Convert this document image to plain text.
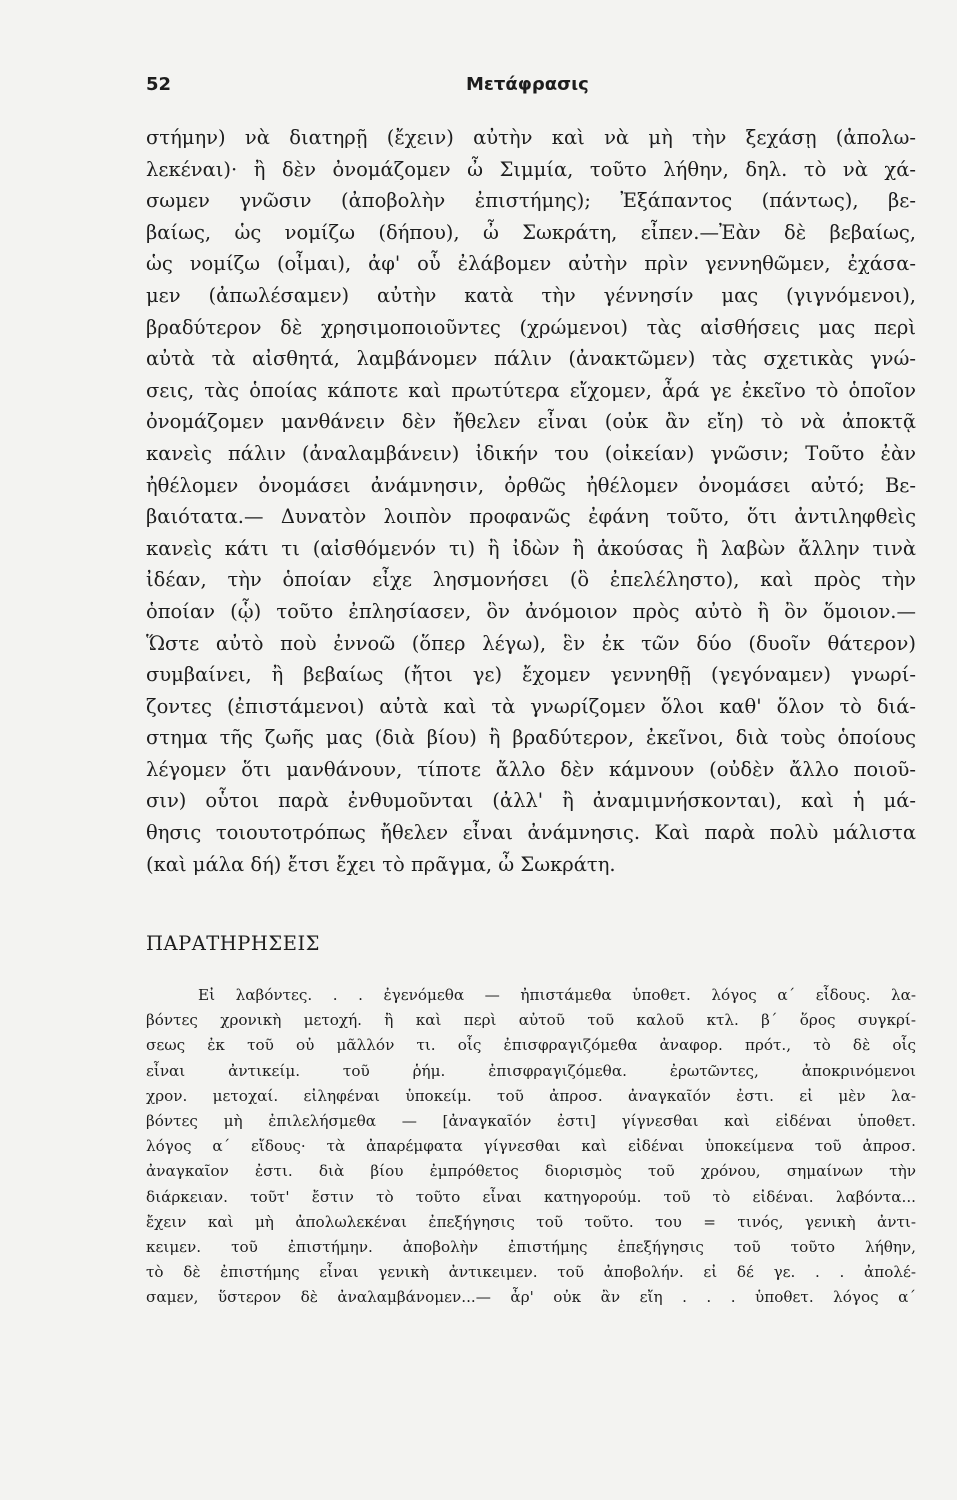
52	Μετάφρασις
στήμην) νὰ διατηρῇ (ἔχειν) αὐτὴν καὶ νὰ μὴ τὴν ξεχάσῃ (ἀπολω-
λεκέναι)· ἢ δὲν ὀνομάζομεν ὦ Σιμμία, τοῦτο λήθην, δηλ. τὸ νὰ χά-
σωμεν γνῶσιν (ἀποβολὴν ἐπιστήμης); Ἐξάπαντος (πάντως), βε-
βαίως, ὡς νομίζω (δήπου), ὦ Σωκράτη, εἶπεν.—Ἐὰν δὲ βεβαίως,
ὡς νομίζω (οἶμαι), ἀφ' οὗ ἐλάβομεν αὐτὴν πρὶν γεννηθῶμεν, ἐχάσα-
μεν (ἀπωλέσαμεν) αὐτὴν κατὰ τὴν γέννησίν μας (γιγνόμενοι),
βραδύτερον δὲ χρησιμοποιοῦντες (χρώμενοι) τὰς αἰσθήσεις μας περὶ
αὐτὰ τὰ αἰσθητά, λαμβάνομεν πάλιν (ἀνακτῶμεν) τὰς σχετικὰς γνώ-
σεις, τὰς ὁποίας κάποτε καὶ πρωτύτερα εἴχομεν, ἆρά γε ἐκεῖνο τὸ ὁποῖον
ὀνομάζομεν μανθάνειν δὲν ἤθελεν εἶναι (οὐκ ἂν εἴη) τὸ νὰ ἀποκτᾷ
κανεὶς πάλιν (ἀναλαμβάνειν) ἰδικήν του (οἰκείαν) γνῶσιν; Τοῦτο ἐὰν
ἠθέλομεν ὀνομάσει ἀνάμνησιν, ὀρθῶς ἠθέλομεν ὀνομάσει αὐτό; Βε-
βαιότατα.— Δυνατὸν λοιπὸν προφανῶς ἐφάνη τοῦτο, ὅτι ἀντιληφθεὶς
κανεὶς κάτι τι (αἰσθόμενόν τι) ἢ ἰδὼν ἢ ἀκούσας ἢ λαβὼν ἄλλην τινὰ
ἰδέαν, τὴν ὁποίαν εἶχε λησμονήσει (ὃ ἐπελέληστο), καὶ πρὸς τὴν
ὁποίαν (ᾧ) τοῦτο ἐπλησίασεν, ὃν ἀνόμοιον πρὸς αὐτὸ ἢ ὂν ὅμοιον.—
Ὥστε αὐτὸ ποὺ ἐννοῶ (ὅπερ λέγω), ἓν ἐκ τῶν δύο (δυοῖν θάτερον)
συμβαίνει, ἢ βεβαίως (ἤτοι γε) ἔχομεν γεννηθῇ (γεγόναμεν) γνωρί-
ζοντες (ἐπιστάμενοι) αὐτὰ καὶ τὰ γνωρίζομεν ὅλοι καθ' ὅλον τὸ διά-
στημα τῆς ζωῆς μας (διὰ βίου) ἢ βραδύτερον, ἐκεῖνοι, διὰ τοὺς ὁποίους
λέγομεν ὅτι μανθάνουν, τίποτε ἄλλο δὲν κάμνουν (οὐδὲν ἄλλο ποιοῦ-
σιν) οὗτοι παρὰ ἐνθυμοῦνται (ἀλλ' ἢ ἀναμιμνήσκονται), καὶ ἡ μά-
θησις τοιουτοτρόπως ἤθελεν εἶναι ἀνάμνησις. Καὶ παρὰ πολὺ μάλιστα
(καὶ μάλα δή) ἔτσι ἔχει τὸ πρᾶγμα, ὦ Σωκράτη.
ΠΑΡΑΤΗΡΗΣΕΙΣ
Εἰ λαβόντες. . . ἐγενόμεθα — ἠπιστάμεθα ὑποθετ. λόγος α΄ εἶδους. λα-
βόντες χρονικὴ μετοχή. ἢ καὶ περὶ αὐτοῦ τοῦ καλοῦ κτλ. β΄ ὅρος συγκρί-
σεως ἐκ τοῦ οὐ μᾶλλόν τι. οἷς ἐπισφραγιζόμεθα ἀναφορ. πρότ., τὸ δὲ οἷς
εἶναι ἀντικείμ. τοῦ ῥήμ. ἐπισφραγιζόμεθα. ἐρωτῶντες, ἀποκρινόμενοι
χρον. μετοχαί. εἰληφέναι ὑποκείμ. τοῦ ἀπροσ. ἀναγκαῖόν ἐστι. εἰ μὲν λα-
βόντες μὴ ἐπιλελήσμεθα — [ἀναγκαῖόν ἐστι] γίγνεσθαι καὶ εἰδέναι ὑποθετ.
λόγος α΄ εἴδους· τὰ ἀπαρέμφατα γίγνεσθαι καὶ εἰδέναι ὑποκείμενα τοῦ ἀπροσ.
ἀναγκαῖον ἐστι. διὰ βίου ἐμπρόθετος διορισμὸς τοῦ χρόνου, σημαίνων τὴν
διάρκειαν. τοῦτ' ἔστιν τὸ τοῦτο εἶναι κατηγορούμ. τοῦ τὸ εἰδέναι. λαβόντα...
ἔχειν καὶ μὴ ἀπολωλεκέναι ἐπεξήγησις τοῦ τοῦτο. του = τινός, γενικὴ ἀντι-
κειμεν. τοῦ ἐπιστήμην. ἀποβολὴν ἐπιστήμης ἐπεξήγησις τοῦ τοῦτο λήθην,
τὸ δὲ ἐπιστήμης εἶναι γενικὴ ἀντικειμεν. τοῦ ἀποβολήν. εἰ δέ γε. . . ἀπολέ-
σαμεν, ὕστερον δὲ ἀναλαμβάνομεν...— ἆρ' οὐκ ἂν εἴη . . . ὑποθετ. λόγος α΄
